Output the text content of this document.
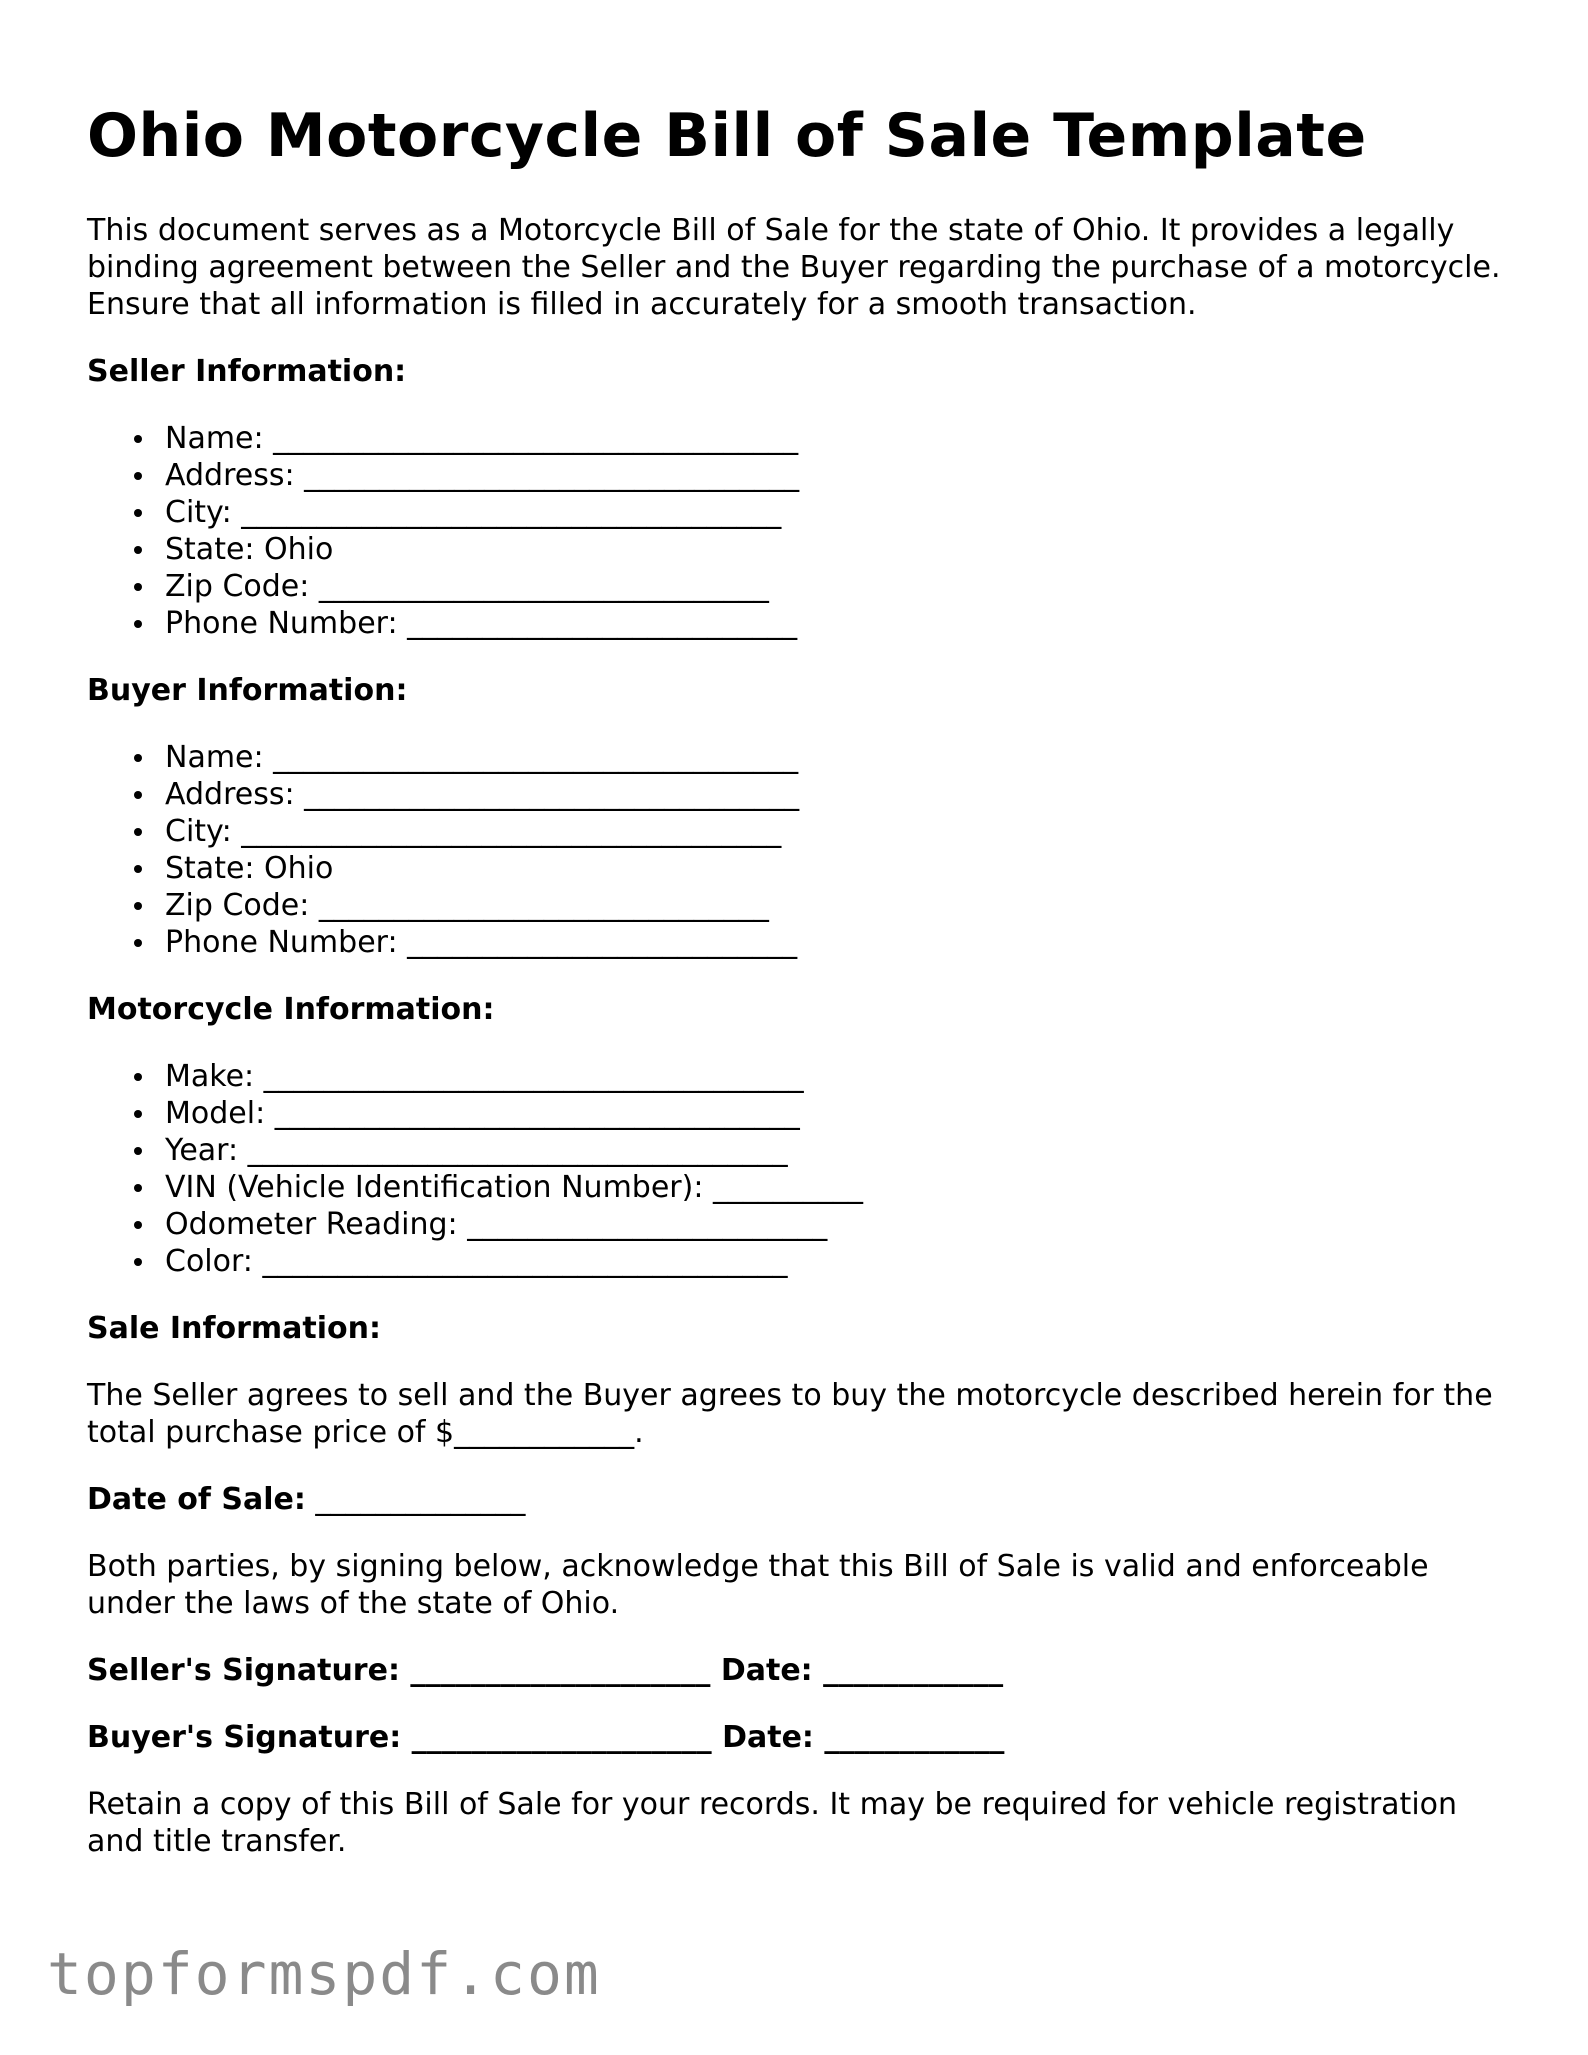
Ohio Motorcycle Bill of Sale Template

This document serves as a Motorcycle Bill of Sale for the state of Ohio. It provides a legally binding agreement between the Seller and the Buyer regarding the purchase of a motorcycle. Ensure that all information is filled in accurately for a smooth transaction.

Seller Information:
Name: ___________________________________
Address: _________________________________
City: ____________________________________
State: Ohio
Zip Code: ______________________________
Phone Number: __________________________
Buyer Information:
Name: ___________________________________
Address: _________________________________
City: ____________________________________
State: Ohio
Zip Code: ______________________________
Phone Number: __________________________
Motorcycle Information:
Make: ____________________________________
Model: ___________________________________
Year: ____________________________________
VIN (Vehicle Identification Number): __________
Odometer Reading: ________________________
Color: ___________________________________
Sale Information:

The Seller agrees to sell and the Buyer agrees to buy the motorcycle described herein for the total purchase price of $____________.

Date of Sale: ______________

Both parties, by signing below, acknowledge that this Bill of Sale is valid and enforceable under the laws of the state of Ohio.

Seller's Signature: ____________________ Date: ____________
Buyer's Signature: ____________________ Date: ____________

Retain a copy of this Bill of Sale for your records. It may be required for vehicle registration and title transfer.

topformspdf.com
